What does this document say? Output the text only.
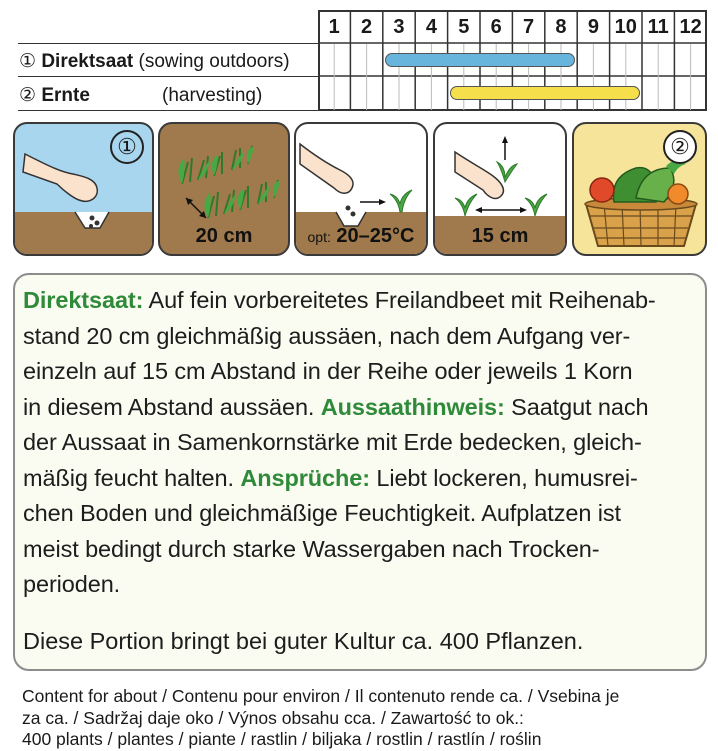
1	2	3	4	5	6	7	8	9 10 11 12
① Direktsaat (sowing outdoors)
② Ernte	(harvesting)
①
20 cm	opt: 20–25°C	15 cm
②
Direktsaat: Auf fein vorbereitetes Freilandbeet mit Reihenab-
stand 20 cm gleichmäßig aussäen, nach dem Aufgang ver-
einzeln auf 15 cm Abstand in der Reihe oder jeweils 1 Korn
in diesem Abstand aussäen. Aussaathinweis: Saatgut nach
der Aussaat in Samenkornstärke mit Erde bedecken, gleich-
mäßig feucht halten. Ansprüche: Liebt lockeren, humusrei-
chen Boden und gleichmäßige Feuchtigkeit. Aufplatzen ist
meist bedingt durch starke Wassergaben nach Trocken-
perioden.
Diese Portion bringt bei guter Kultur ca. 400 Pflanzen.
Content for about / Contenu pour environ / Il contenuto rende ca. / Vsebina je
za ca. / Sadržaj daje oko / Výnos obsahu cca. / Zawartość to ok.:
400 plants / plantes / piante / rastlin / biljaka / rostlin / rastlín / roślin
